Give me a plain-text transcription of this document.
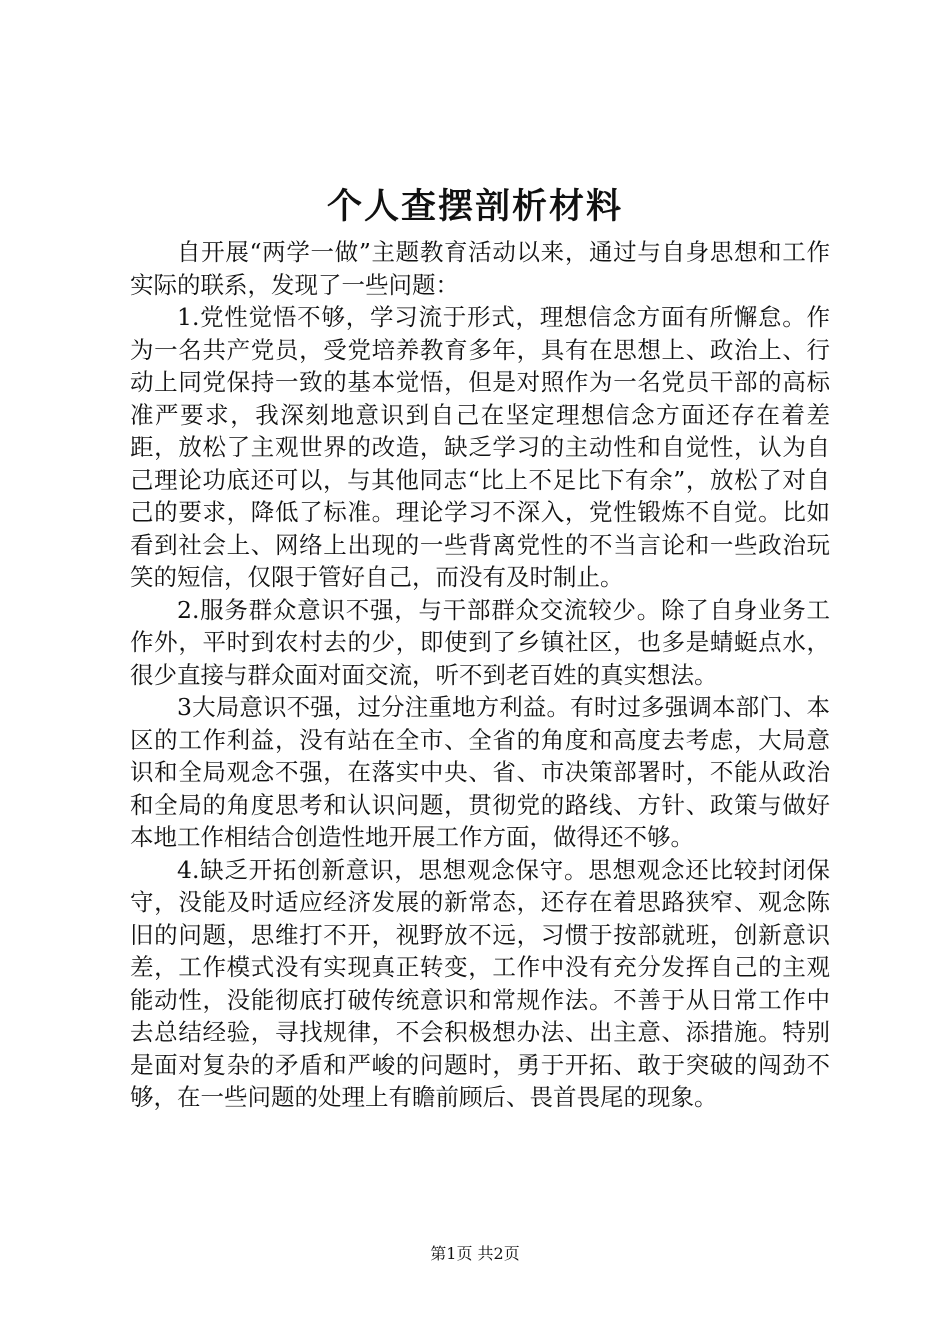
个人查摆剖析材料

自开展“两学一做”主题教育活动以来，通过与自身思想和工作实际的联系，发现了一些问题：

1.党性觉悟不够，学习流于形式，理想信念方面有所懈怠。作为一名共产党员，受党培养教育多年，具有在思想上、政治上、行动上同党保持一致的基本觉悟，但是对照作为一名党员干部的高标准严要求，我深刻地意识到自己在坚定理想信念方面还存在着差距，放松了主观世界的改造，缺乏学习的主动性和自觉性，认为自己理论功底还可以，与其他同志“比上不足比下有余”，放松了对自己的要求，降低了标准。理论学习不深入，党性锻炼不自觉。比如看到社会上、网络上出现的一些背离党性的不当言论和一些政治玩笑的短信，仅限于管好自己，而没有及时制止。

2.服务群众意识不强，与干部群众交流较少。除了自身业务工作外，平时到农村去的少，即使到了乡镇社区，也多是蜻蜓点水，很少直接与群众面对面交流，听不到老百姓的真实想法。

3大局意识不强，过分注重地方利益。有时过多强调本部门、本区的工作利益，没有站在全市、全省的角度和高度去考虑，大局意识和全局观念不强，在落实中央、省、市决策部署时，不能从政治和全局的角度思考和认识问题，贯彻党的路线、方针、政策与做好本地工作相结合创造性地开展工作方面，做得还不够。

4.缺乏开拓创新意识，思想观念保守。思想观念还比较封闭保守，没能及时适应经济发展的新常态，还存在着思路狭窄、观念陈旧的问题，思维打不开，视野放不远，习惯于按部就班，创新意识差，工作模式没有实现真正转变，工作中没有充分发挥自己的主观能动性，没能彻底打破传统意识和常规作法。不善于从日常工作中去总结经验，寻找规律，不会积极想办法、出主意、添措施。特别是面对复杂的矛盾和严峻的问题时，勇于开拓、敢于突破的闯劲不够，在一些问题的处理上有瞻前顾后、畏首畏尾的现象。

第1页 共2页
